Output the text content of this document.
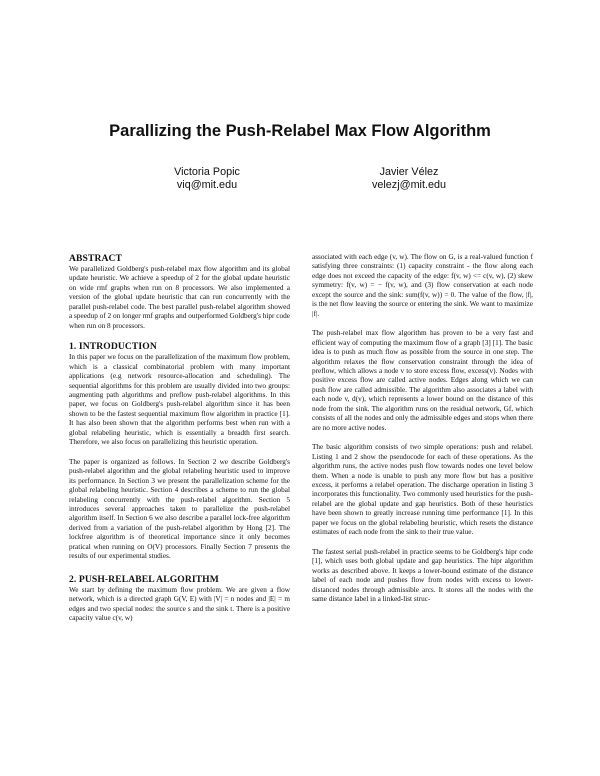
Parallizing the Push-Relabel Max Flow Algorithm
Victoria Popic
viq@mit.edu
Javier Vélez
velezj@mit.edu
ABSTRACT

We parallelized Goldberg's push-relabel max flow algorithm and its global update heuristic. We achieve a speedup of 2 for the global update heuristic on wide rmf graphs when run on 8 processors. We also implemented a version of the global update heuristic that can run concurrently with the parallel push-relabel code. The best parallel push-relabel algorithm showed a speedup of 2 on longer rmf graphs and outperformed Goldberg's hipr code when run on 8 processors.

1. INTRODUCTION

In this paper we focus on the parallelization of the maximum flow problem, which is a classical combinatorial problem with many important applications (e.g network resource-allocation and scheduling). The sequential algorithms for this problem are usually divided into two groups: augmenting path algorithms and preflow push-relabel algorithms. In this paper, we focus on Goldberg's push-relabel algorithm since it has been shown to be the fastest sequential maximum flow algorithm in practice [1]. It has also been shown that the algorithm performs best when run with a global relabeling heuristic, which is essentially a breadth first search. Therefore, we also focus on parallelizing this heuristic operation.

The paper is organized as follows. In Section 2 we describe Goldberg's push-relabel algorithm and the global relabeling heuristic used to improve its performance. In Section 3 we present the parallelization scheme for the global relabeling heuristic. Section 4 describes a scheme to run the global relabeling concurrently with the push-relabel algorithm. Section 5 introduces several approaches taken to parallelize the push-relabel algorithm itself. In Section 6 we also describe a parallel lock-free algorithm derived from a variation of the push-relabel algorithm by Hong [2]. The lockfree algorithm is of theoretical importance since it only becomes pratical when running on O(V) processors. Finally Section 7 presents the results of our experimental studies.

2. PUSH-RELABEL ALGORITHM

We start by defining the maximum flow problem. We are given a flow network, which is a directed graph G(V, E) with |V| = n nodes and |E| = m edges and two special nodes: the source s and the sink t. There is a positive capacity value c(v, w)

associated with each edge (v, w). The flow on G, is a real-valued function f satisfying three constraints: (1) capacity constraint - the flow along each edge does not exceed the capacity of the edge: f(v, w) <= c(v, w), (2) skew symmetry: f(v, w) = − f(v, w), and (3) flow conservation at each node except the source and the sink: sum(f(v, w)) = 0. The value of the flow, |f|, is the net flow leaving the source or entering the sink. We want to maximize |f|.

The push-relabel max flow algorithm has proven to be a very fast and efficient way of computing the maximum flow of a graph [3] [1]. The basic idea is to push as much flow as possible from the source in one step. The algorithm relaxes the flow conservation constraint through the idea of preflow, which allows a node v to store excess flow, excess(v). Nodes with positive excess flow are called active nodes. Edges along which we can push flow are called admissible. The algorithm also associates a label with each node v, d(v), which represents a lower bound on the distance of this node from the sink. The algorithm runs on the residual network, Gf, which consists of all the nodes and only the admissible edges and stops when there are no more active nodes.

The basic algorithm consists of two simple operations: push and relabel. Listing 1 and 2 show the pseudocode for each of these operations. As the algorithm runs, the active nodes push flow towards nodes one level below them. When a node is unable to push any more flow but has a positive excess, it performs a relabel operation. The discharge operation in listing 3 incorporates this functionality. Two commonly used heuristics for the push-relabel are the global update and gap heuristics. Both of these heuristics have been shown to greatly increase running time performance [1]. In this paper we focus on the global relabeling heuristic, which resets the distance estimates of each node from the sink to their true value.

The fastest serial push-relabel in practice seems to be Goldberg's hipr code [1], which uses both global update and gap heuristics. The hipr algorithm works as described above. It keeps a lower-bound estimate of the distance label of each node and pushes flow from nodes with excess to lower-distanced nodes through admissible arcs. It stores all the nodes with the same distance label in a linked-list struc-
